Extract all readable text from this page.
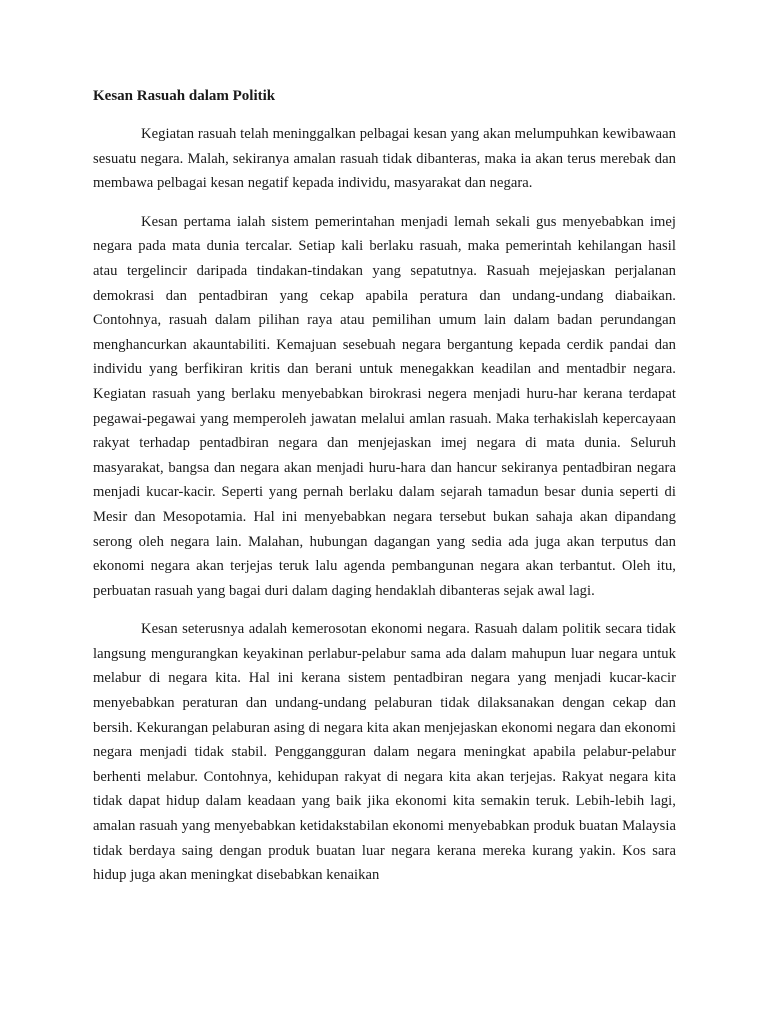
Kesan Rasuah dalam Politik

Kegiatan rasuah telah meninggalkan pelbagai kesan yang akan melumpuhkan kewibawaan sesuatu negara. Malah, sekiranya amalan rasuah tidak dibanteras, maka ia akan terus merebak dan membawa pelbagai kesan negatif kepada individu, masyarakat dan negara.

Kesan pertama ialah sistem pemerintahan menjadi lemah sekali gus menyebabkan imej negara pada mata dunia tercalar. Setiap kali berlaku rasuah, maka pemerintah kehilangan hasil atau tergelincir daripada tindakan-tindakan yang sepatutnya. Rasuah mejejaskan perjalanan demokrasi dan pentadbiran yang cekap apabila peratura dan undang-undang diabaikan. Contohnya, rasuah dalam pilihan raya atau pemilihan umum lain dalam badan perundangan menghancurkan akauntabiliti. Kemajuan sesebuah negara bergantung kepada cerdik pandai dan individu yang berfikiran kritis dan berani untuk menegakkan keadilan and mentadbir negara. Kegiatan rasuah yang berlaku menyebabkan birokrasi negera menjadi huru-har kerana terdapat pegawai-pegawai yang memperoleh jawatan melalui amlan rasuah. Maka terhakislah kepercayaan rakyat terhadap pentadbiran negara dan menjejaskan imej negara di mata dunia. Seluruh masyarakat, bangsa dan negara akan menjadi huru-hara dan hancur sekiranya pentadbiran negara menjadi kucar-kacir. Seperti yang pernah berlaku dalam sejarah tamadun besar dunia seperti di Mesir dan Mesopotamia. Hal ini menyebabkan negara tersebut bukan sahaja akan dipandang serong oleh negara lain. Malahan, hubungan dagangan yang sedia ada juga akan terputus dan ekonomi negara akan terjejas teruk lalu agenda pembangunan negara akan terbantut. Oleh itu, perbuatan rasuah yang bagai duri dalam daging hendaklah dibanteras sejak awal lagi.

Kesan seterusnya adalah kemerosotan ekonomi negara. Rasuah dalam politik secara tidak langsung mengurangkan keyakinan perlabur-pelabur sama ada dalam mahupun luar negara untuk melabur di negara kita. Hal ini kerana sistem pentadbiran negara yang menjadi kucar-kacir menyebabkan peraturan dan undang-undang pelaburan tidak dilaksanakan dengan cekap dan bersih. Kekurangan pelaburan asing di negara kita akan menjejaskan ekonomi negara dan ekonomi negara menjadi tidak stabil. Penggangguran dalam negara meningkat apabila pelabur-pelabur berhenti melabur. Contohnya, kehidupan rakyat di negara kita akan terjejas. Rakyat negara kita tidak dapat hidup dalam keadaan yang baik jika ekonomi kita semakin teruk. Lebih-lebih lagi, amalan rasuah yang menyebabkan ketidakstabilan ekonomi menyebabkan produk buatan Malaysia tidak berdaya saing dengan produk buatan luar negara kerana mereka kurang yakin. Kos sara hidup juga akan meningkat disebabkan kenaikan
